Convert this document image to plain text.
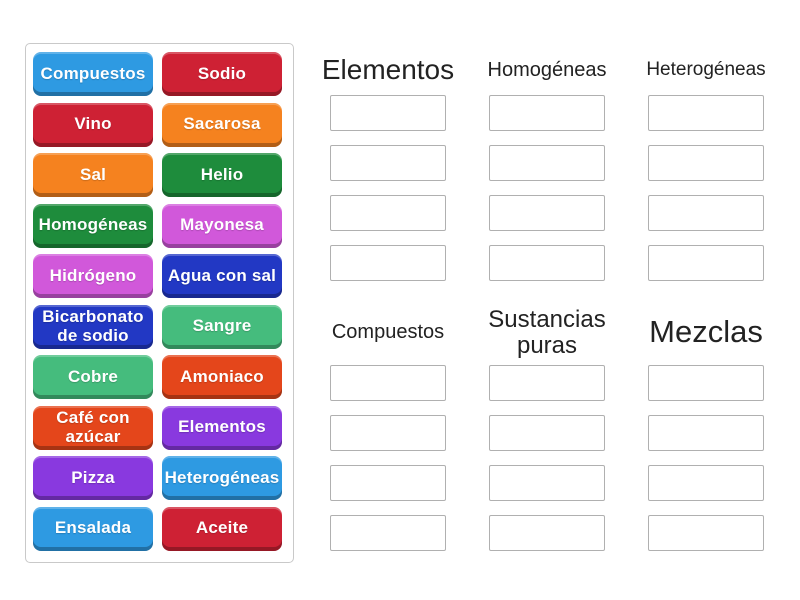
Compuestos	Sodio
Vino	Sacarosa
Sal	Helio
Homogéneas	Mayonesa
Hidrógeno	Agua con sal
Bicarbonato de sodio	Sangre
Cobre	Amoniaco
Café con azúcar	Elementos
Pizza	Heterogéneas
Ensalada	Aceite
Elementos	Homogéneas	Heterogéneas
Compuestos	Sustancias puras	Mezclas
